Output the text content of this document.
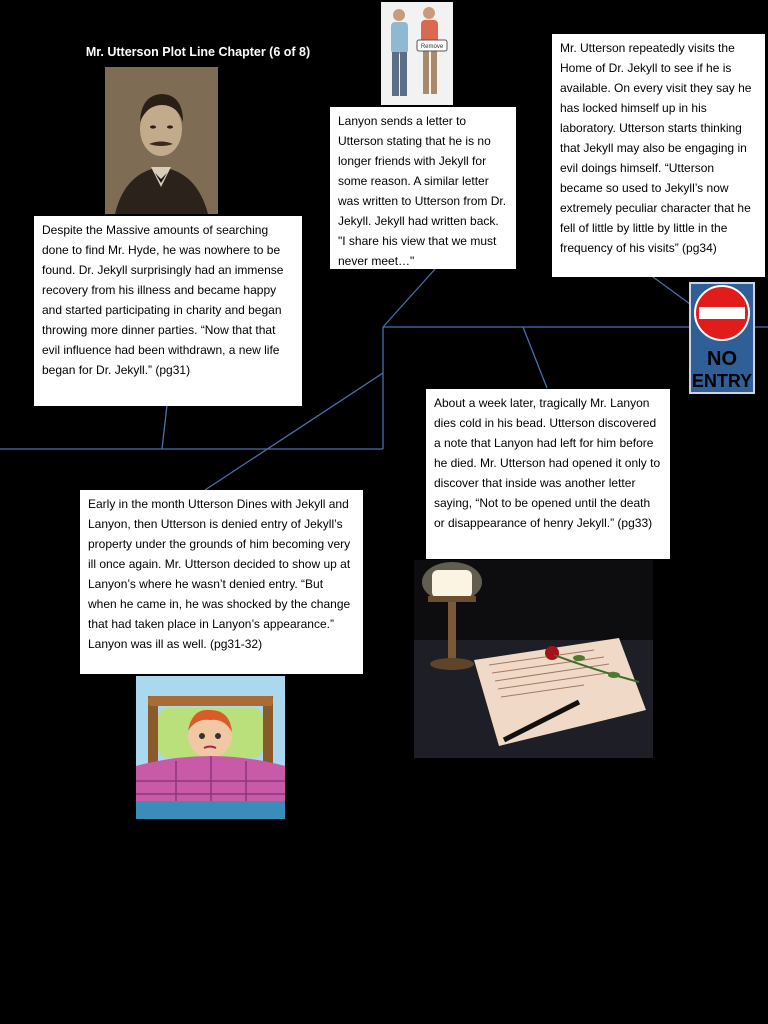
Mr. Utterson Plot Line Chapter (6 of 8)	Remove
NO
ENTRY
Despite the Massive amounts of searching done to find Mr. Hyde, he was nowhere to be found. Dr. Jekyll surprisingly had an immense recovery from his illness and became happy and started participating in charity and began throwing more dinner parties. “Now that that evil influence had been withdrawn, a new life began for Dr. Jekyll.” (pg31)
Lanyon sends a letter to Utterson stating that he is no longer friends with Jekyll for some reason. A similar letter was written to Utterson from Dr. Jekyll. Jekyll had written back. "I share his view that we must never meet…"
Mr. Utterson repeatedly visits the Home of Dr. Jekyll to see if he is available. On every visit they say he has locked himself up in his laboratory. Utterson starts thinking that Jekyll may also be engaging in evil doings himself. “Utterson became so used to Jekyll’s now extremely peculiar character that he fell of little by little by little in the frequency of his visits” (pg34)
Early in the month Utterson Dines with Jekyll and Lanyon, then Utterson is denied entry of Jekyll’s property under the grounds of him becoming very ill once again. Mr. Utterson decided to show up at Lanyon’s where he wasn’t denied entry. “But when he came in, he was shocked by the change that had taken place in Lanyon’s appearance.” Lanyon was ill as well. (pg31-32)
About a week later, tragically Mr. Lanyon dies cold in his bead. Utterson discovered a note that Lanyon had left for him before he died. Mr. Utterson had opened it only to discover that inside was another letter saying, “Not to be opened until the death or disappearance of henry Jekyll.” (pg33)
